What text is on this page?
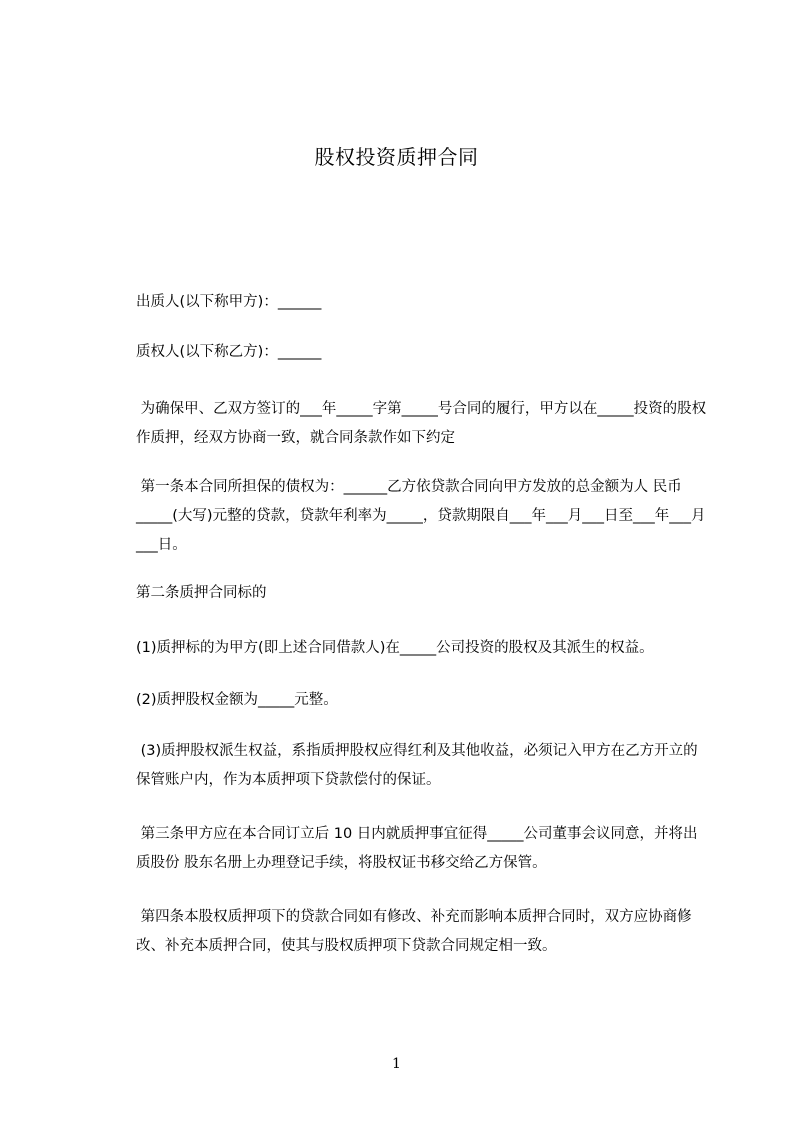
股权投资质押合同
出质人(以下称甲方)：______
质权人(以下称乙方)：______
为确保甲、乙双方签订的___年_____字第_____号合同的履行，甲方以在_____投资的股权作质押，经双方协商一致，就合同条款作如下约定
第一条本合同所担保的债权为：______乙方依贷款合同向甲方发放的总金额为人 民币_____(大写)元整的贷款，贷款年利率为_____，贷款期限自___年___月___日至___年___月___日。
第二条质押合同标的
(1)质押标的为甲方(即上述合同借款人)在_____公司投资的股权及其派生的权益。
(2)质押股权金额为_____元整。
(3)质押股权派生权益，系指质押股权应得红利及其他收益，必须记入甲方在乙方开立的保管账户内，作为本质押项下贷款偿付的保证。
第三条甲方应在本合同订立后 10 日内就质押事宜征得_____公司董事会议同意，并将出质股份 股东名册上办理登记手续，将股权证书移交给乙方保管。
第四条本股权质押项下的贷款合同如有修改、补充而影响本质押合同时，双方应协商修改、补充本质押合同，使其与股权质押项下贷款合同规定相一致。
1
